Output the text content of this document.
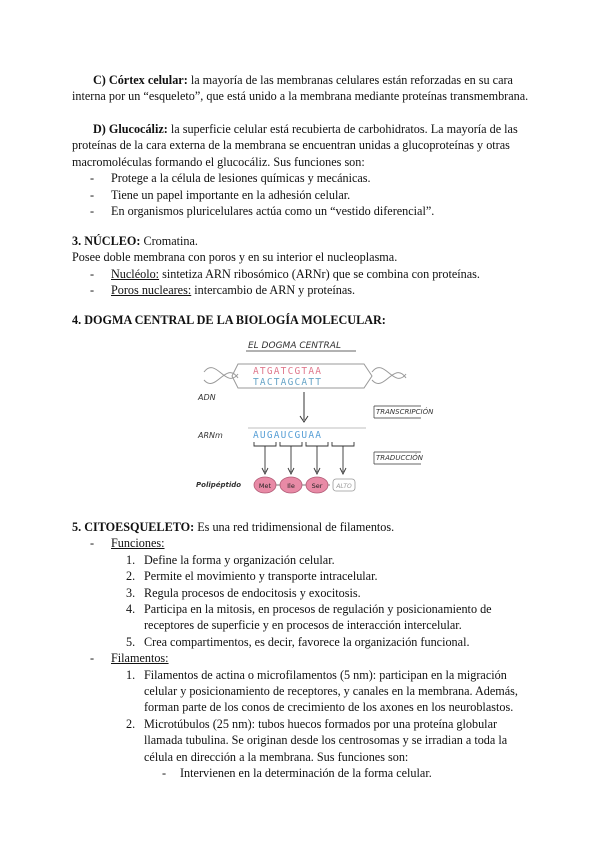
C) Córtex celular: la mayoría de las membranas celulares están reforzadas en su cara interna por un “esqueleto”, que está unido a la membrana mediante proteínas transmembrana.

D) Glucocáliz: la superficie celular está recubierta de carbohidratos. La mayoría de las proteínas de la cara externa de la membrana se encuentran unidas a glucoproteínas y otras macromoléculas formando el glucocáliz. Sus funciones son:

- Protege a la célula de lesiones químicas y mecánicas.
- Tiene un papel importante en la adhesión celular.
- En organismos pluricelulares actúa como un “vestido diferencial”.

3. NÚCLEO: Cromatina.

Posee doble membrana con poros y en su interior el nucleoplasma.

- Nucléolo: sintetiza ARN ribosómico (ARNr) que se combina con proteínas.
- Poros nucleares: intercambio de ARN y proteínas.
4. DOGMA CENTRAL DE LA BIOLOGÍA MOLECULAR:
EL DOGMA CENTRAL
ATGATCGTAA
TACTAGCATT
ADN
TRANSCRIPCIÓN
AUGAUCGUAA
ARNm
TRADUCCIÓN
Polipéptido	Met Ile	Ser ALTO

5. CITOESQUELETO: Es una red tridimensional de filamentos.

- Funciones:
1. Define la forma y organización celular.
2. Permite el movimiento y transporte intracelular.
3. Regula procesos de endocitosis y exocitosis.
4. Participa en la mitosis, en procesos de regulación y posicionamiento de receptores de superficie y en procesos de interacción intercelular.
5. Crea compartimentos, es decir, favorece la organización funcional.
- Filamentos:
1. Filamentos de actina o microfilamentos (5 nm): participan en la migración celular y posicionamiento de receptores, y canales en la membrana. Además, forman parte de los conos de crecimiento de los axones en los neuroblastos.
2. Microtúbulos (25 nm): tubos huecos formados por una proteína globular llamada tubulina. Se originan desde los centrosomas y se irradian a toda la célula en dirección a la membrana. Sus funciones son:
- Intervienen en la determinación de la forma celular.
